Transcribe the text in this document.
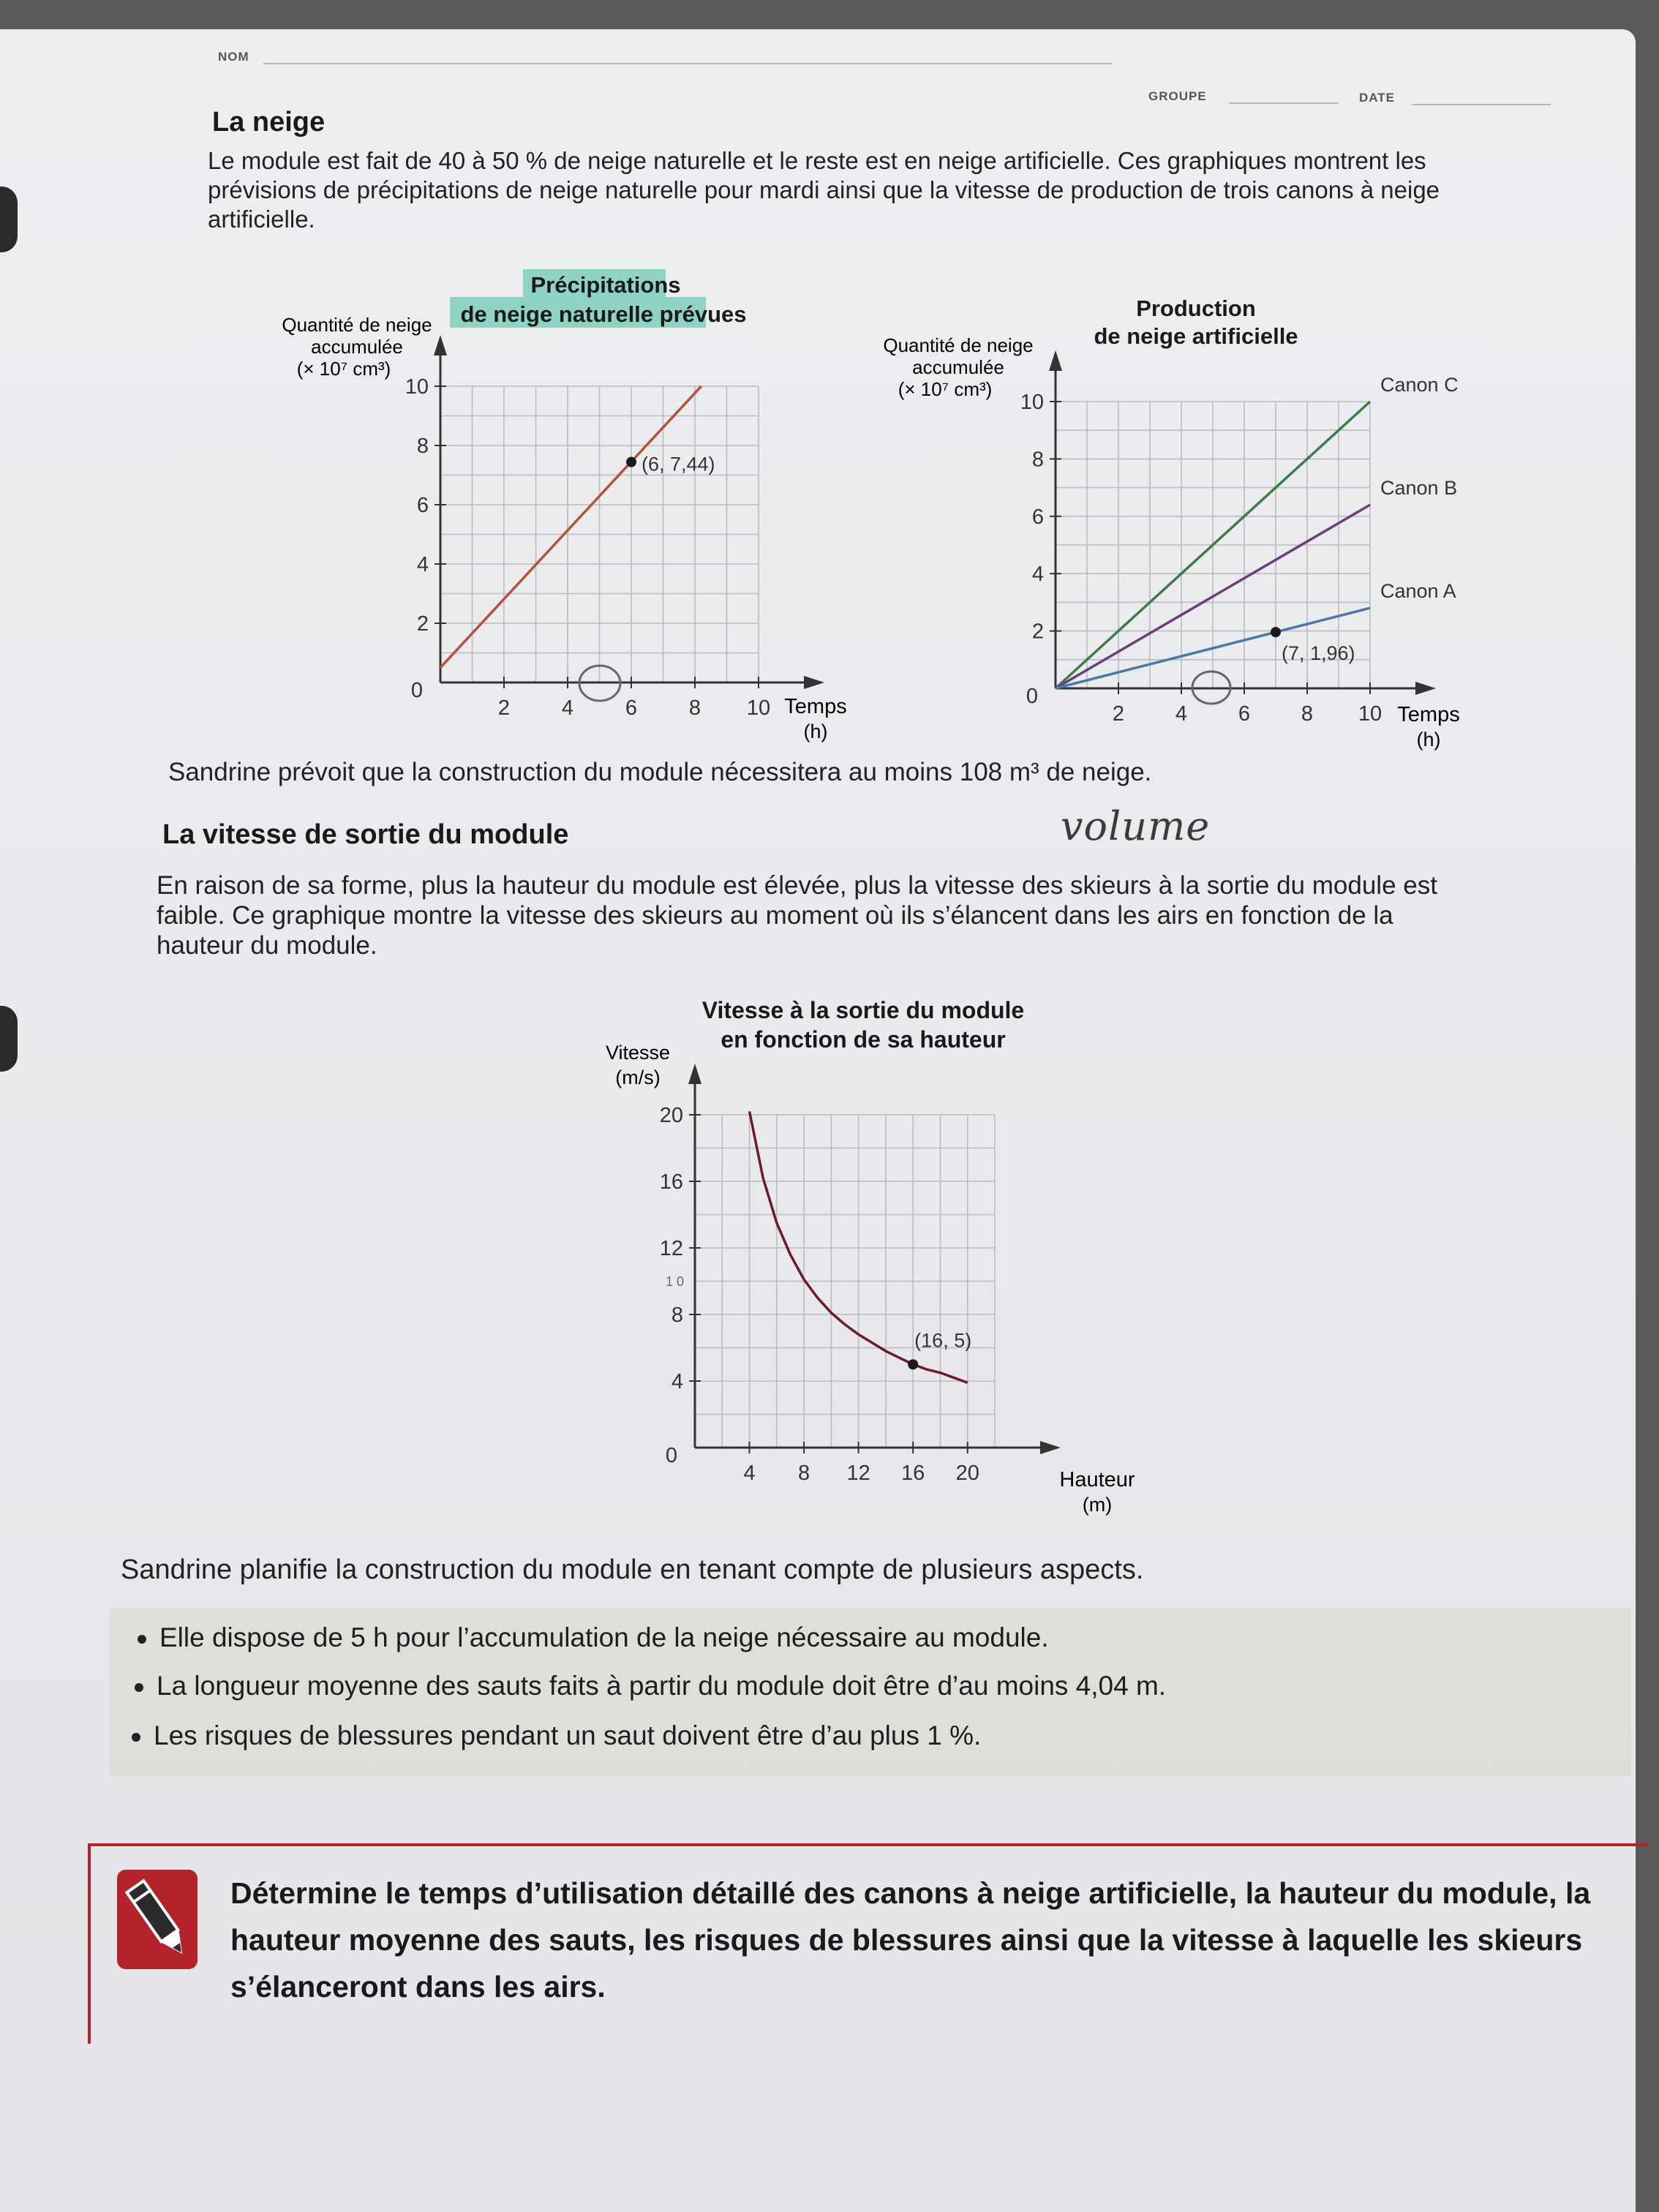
NOM
GROUPE	DATE
La neige
Le module est fait de 40 à 50 % de neige naturelle et le reste est en neige artificielle. Ces graphiques montrent les prévisions de précipitations de neige naturelle pour mardi ainsi que la vitesse de production de trois canons à neige artificielle.
Précipitations
de neige naturelle prévues
Quantité de neige
accumulée
(× 10⁷ cm³)
2 4 6 8 10
2
4
6
8
10
0
(6, 7,44)
Temps
(h)
Production
de neige artificielle
Quantité de neige
accumulée
(× 10⁷ cm³)
2 4 6 8 10
2
4
6
8
10
0
Canon C
Canon B
Canon A
(7, 1,96)
Temps
(h)
Sandrine prévoit que la construction du module nécessitera au moins 108 m³ de neige.
volume
La vitesse de sortie du module
En raison de sa forme, plus la hauteur du module est élevée, plus la vitesse des skieurs à la sortie du module est faible. Ce graphique montre la vitesse des skieurs au moment où ils s’élancent dans les airs en fonction de la hauteur du module.
Vitesse à la sortie du module
en fonction de sa hauteur
Vitesse
(m/s)
4 8 12 16 20
4
8
12
16
20
0
(16, 5)
1 0
Hauteur
(m)
Sandrine planifie la construction du module en tenant compte de plusieurs aspects.
Elle dispose de 5 h pour l’accumulation de la neige nécessaire au module.
La longueur moyenne des sauts faits à partir du module doit être d’au moins 4,04 m.
Les risques de blessures pendant un saut doivent être d’au plus 1 %.
Détermine le temps d’utilisation détaillé des canons à neige artificielle, la hauteur du module, la hauteur moyenne des sauts, les risques de blessures ainsi que la vitesse à laquelle les skieurs s’élanceront dans les airs.
